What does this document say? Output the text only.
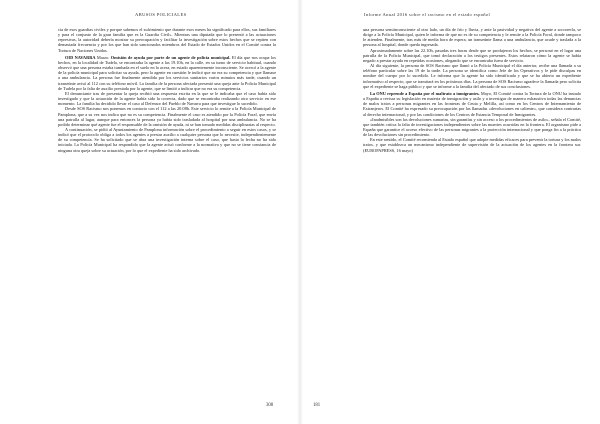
ABUSOS POLICIALES

cia de esos guardias civiles y porque sabemos el sufrimiento que durante esos meses ha significado para ellos, sus familiares y para el conjunto de la gran familia que es la Guardia Civil». Mientras una diputada que lo presentó a las actuaciones represivas, la autoridad debería mostrar su preocupación y facilitar la investigación sobre estos hechos que se repiten con demasiada frecuencia y por los que han sido sancionados miembros del Estado de Estados Unidos en el Comité contra la Tortura de Naciones Unidas.

OID NAVARRA Marzo. Omisión de ayuda por parte de un agente de policía municipal. El día que nos ocupa los hechos, en la localidad de Tudela, se encontraba la agente a las 19.10h, en la calle, en su turno de servicio habitual, cuando observó que una persona estaba tumbada en el suelo en la acera, en estado aparentemente inconsciente. Se acercó a la agente de la policía municipal para solicitar su ayuda, pero la agente en cuestión le indicó que no era su competencia y que llamase a una ambulancia. La persona fue finalmente atendida por los servicios sanitarios varios minutos más tarde, cuando un transeúnte avisó al 112 con su teléfono móvil. La familia de la persona afectada presentó una queja ante la Policía Municipal de Tudela por la falta de auxilio prestada por la agente, que se limitó a indicar que no era su competencia.

El denunciante tras de presentar la queja recibió una respuesta escrita en la que se le indicaba que el caso había sido investigado y que la actuación de la agente había sido la correcta, dado que se encontraba realizando otro servicio en ese momento. La familia ha decidido llevar el caso al Defensor del Pueblo de Navarra para que investigue lo sucedido.

Desde SOS Racismo nos ponemos en contacto con el 112 a las 20.08h. Este servicio lo remite a la Policía Municipal de Pamplona, que a su vez nos indica que no es su competencia. Finalmente el caso es atendido por la Policía Foral, que envía una patrulla al lugar, aunque para entonces la persona ya había sido trasladada al hospital por una ambulancia. No se ha podido determinar qué agente fue el responsable de la omisión de ayuda, ni se han tomado medidas disciplinarias al respecto.

A continuación, se pidió al Ayuntamiento de Pamplona información sobre el procedimiento a seguir en estos casos, y se indicó que el protocolo obliga a todos los agentes a prestar auxilio a cualquier persona que lo necesite, independientemente de su competencia. Se ha solicitado que se abra una investigación interna sobre el caso, que hasta la fecha no ha sido iniciada. La Policía Municipal ha respondido que la agente actuó conforme a la normativa y que no se tiene constancia de ninguna otra queja sobre su actuación, por lo que el expediente ha sido archivado.

308
Informe Anual 2016 sobre el racismo en el estado español

una persona semiinconsciente al otro lado, un día de frío y lluvia, y ante la pasividad y negativa del agente a socorrerla, se dirige a la Policía Municipal, quien le informa de que no es de su competencia y le remite a la Policía Foral, donde tampoco le atienden. Finalmente, tras más de media hora de espera, un transeúnte llama a una ambulancia, que acude y traslada a la persona al hospital, donde queda ingresada.

Aproximadamente sobre las 22.10h, pasadas tres horas desde que se produjeron los hechos, se personó en el lugar una patrulla de la Policía Municipal, que tomó declaración a los testigos presentes. Estos relataron cómo la agente se había negado a prestar ayuda en repetidas ocasiones, alegando que se encontraba fuera de servicio.

Al día siguiente, la persona de SOS Racismo que llamó a la Policía Municipal el día anterior, recibe una llamada a su teléfono particular sobre las 19 de la tarde. La persona se identifica como Jefe de los Operativos y le pide disculpas en nombre del cuerpo por lo sucedido. Le informa que la agente ha sido identificada y que se ha abierto un expediente informativo al respecto, que se tramitará en los próximos días. La persona de SOS Racismo agradece la llamada pero solicita que el expediente se haga público y que se informe a la familia del afectado de sus conclusiones.

La ONU reprende a España por el maltrato a inmigrantes. Mayo, El Comité contra la Tortura de la ONU ha instado a España a revisar su legislación en materia de inmigración y asilo y a investigar de manera exhaustiva todas las denuncias de malos tratos a personas migrantes en las fronteras de Ceuta y Melilla, así como en los Centros de Internamiento de Extranjeros. El Comité ha expresado su preocupación por las llamadas «devoluciones en caliente», que considera contrarias al derecho internacional, y por las condiciones de los Centros de Estancia Temporal de Inmigrantes.

«Inadmisibles son las devoluciones sumarias, sin garantías y sin acceso a los procedimientos de asilo», señala el Comité, que también critica la falta de investigaciones independientes sobre las muertes ocurridas en la frontera. El organismo pide a España que garantice el acceso efectivo de las personas migrantes a la protección internacional y que ponga fin a la práctica de las devoluciones sin procedimiento.

En este sentido, el Comité recomienda al Estado español que adopte medidas eficaces para prevenir la tortura y los malos tratos, y que establezca un mecanismo independiente de supervisión de la actuación de los agentes en la frontera sur. (EUROPAPRESS, 16 mayo)

181
